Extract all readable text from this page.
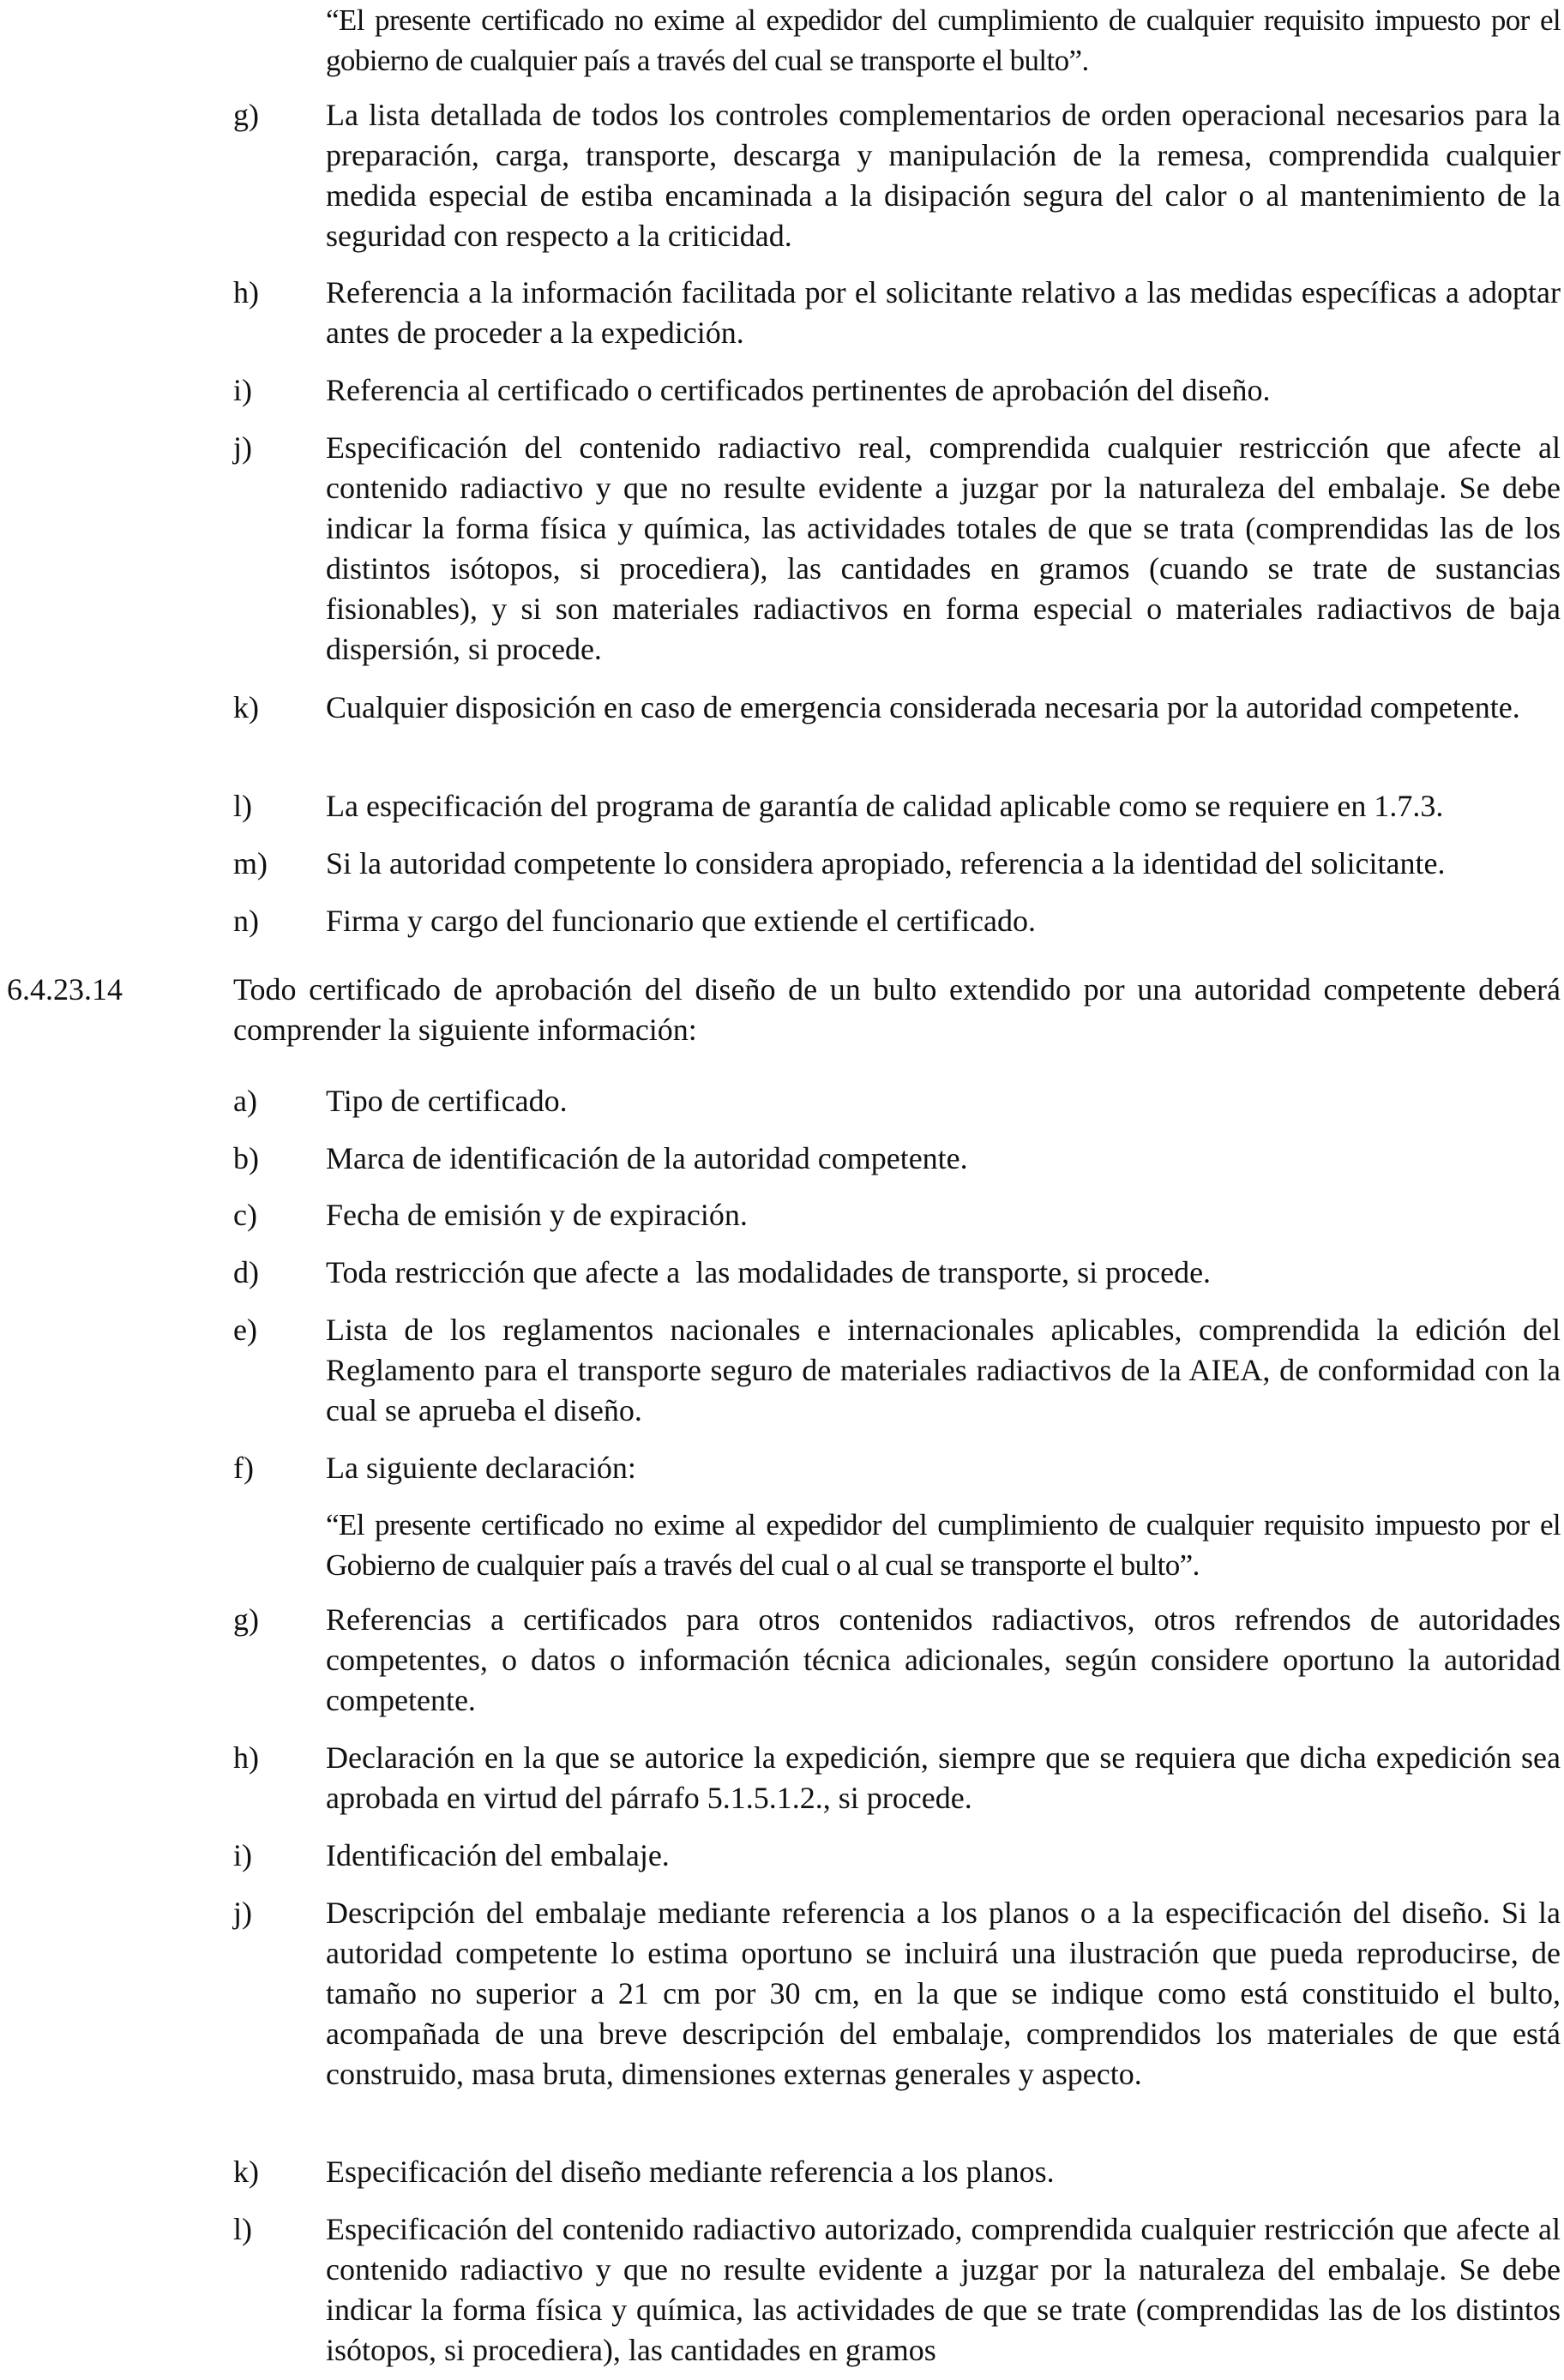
“El presente certificado no exime al expedidor del cumplimiento de cualquier requisito impuesto por el gobierno de cualquier país a través del cual se transporte el bulto”.

g) La lista detallada de todos los controles complementarios de orden operacional necesarios para la preparación, carga, transporte, descarga y manipulación de la remesa, comprendida cualquier medida especial de estiba encaminada a la disipación segura del calor o al mantenimiento de la seguridad con respecto a la criticidad.
h) Referencia a la información facilitada por el solicitante relativo a las medidas específicas a adoptar antes de proceder a la expedición.
i) Referencia al certificado o certificados pertinentes de aprobación del diseño.
j) Especificación del contenido radiactivo real, comprendida cualquier restricción que afecte al contenido radiactivo y que no resulte evidente a juzgar por la naturaleza del embalaje. Se debe indicar la forma física y química, las actividades totales de que se trata (comprendidas las de los distintos isótopos, si procediera), las cantidades en gramos (cuando se trate de sustancias fisionables), y si son materiales radiactivos en forma especial o materiales radiactivos de baja dispersión, si procede.
k) Cualquier disposición en caso de emergencia considerada necesaria por la autoridad competente.
l) La especificación del programa de garantía de calidad aplicable como se requiere en 1.7.3.
m) Si la autoridad competente lo considera apropiado, referencia a la identidad del solicitante.
n) Firma y cargo del funcionario que extiende el certificado.
6.4.23.14	Todo certificado de aprobación del diseño de un bulto extendido por una autoridad competente deberá comprender la siguiente información:
a) Tipo de certificado.
b) Marca de identificación de la autoridad competente.
c) Fecha de emisión y de expiración.
d) Toda restricción que afecte a  las modalidades de transporte, si procede.
e) Lista de los reglamentos nacionales e internacionales aplicables, comprendida la edición del Reglamento para el transporte seguro de materiales radiactivos de la AIEA, de conformidad con la cual se aprueba el diseño.
f) La siguiente declaración:

“El presente certificado no exime al expedidor del cumplimiento de cualquier requisito impuesto por el Gobierno de cualquier país a través del cual o al cual se transporte el bulto”.

g) Referencias a certificados para otros contenidos radiactivos, otros refrendos de autoridades competentes, o datos o información técnica adicionales, según considere oportuno la autoridad competente.
h) Declaración en la que se autorice la expedición, siempre que se requiera que dicha expedición sea aprobada en virtud del párrafo 5.1.5.1.2., si procede.
i) Identificación del embalaje.
j) Descripción del embalaje mediante referencia a los planos o a la especificación del diseño. Si la autoridad competente lo estima oportuno se incluirá una ilustración que pueda reproducirse, de tamaño no superior a 21 cm por 30 cm, en la que se indique como está constituido el bulto, acompañada de una breve descripción del embalaje, comprendidos los materiales de que está construido, masa bruta, dimensiones externas generales y aspecto.
k) Especificación del diseño mediante referencia a los planos.
l) Especificación del contenido radiactivo autorizado, comprendida cualquier restricción que afecte al contenido radiactivo y que no resulte evidente a juzgar por la naturaleza del embalaje. Se debe indicar la forma física y química, las actividades de que se trate (comprendidas las de los distintos isótopos, si procediera), las cantidades en gramos
